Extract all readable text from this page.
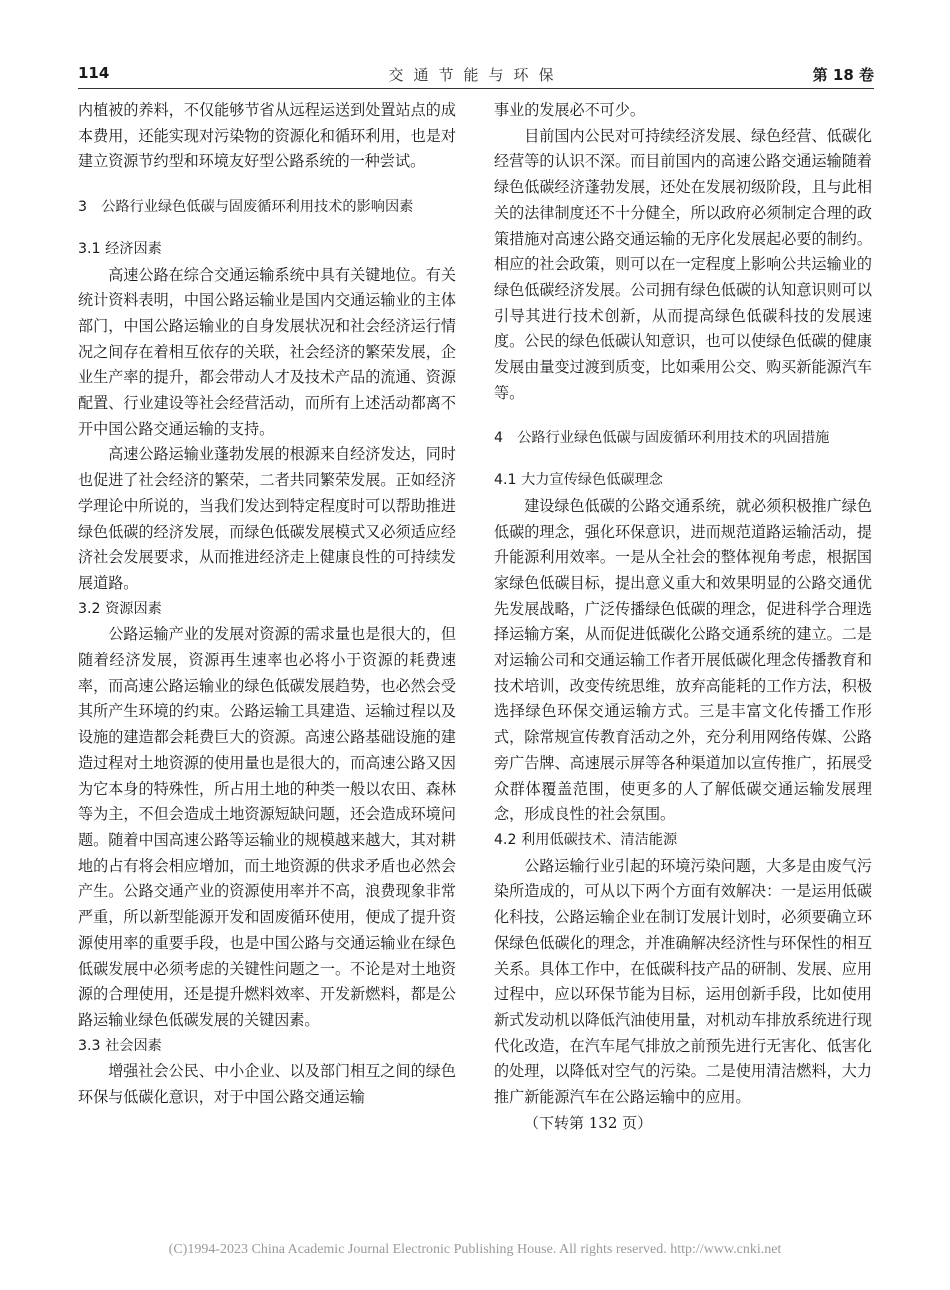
114	交通节能与环保	第 18 卷

内植被的养料，不仅能够节省从远程运送到处置站点的成本费用，还能实现对污染物的资源化和循环利用，也是对建立资源节约型和环境友好型公路系统的一种尝试。

3　公路行业绿色低碳与固废循环利用技术的影响因素
3.1 经济因素

高速公路在综合交通运输系统中具有关键地位。有关统计资料表明，中国公路运输业是国内交通运输业的主体部门，中国公路运输业的自身发展状况和社会经济运行情况之间存在着相互依存的关联，社会经济的繁荣发展，企业生产率的提升，都会带动人才及技术产品的流通、资源配置、行业建设等社会经营活动，而所有上述活动都离不开中国公路交通运输的支持。

高速公路运输业蓬勃发展的根源来自经济发达，同时也促进了社会经济的繁荣，二者共同繁荣发展。正如经济学理论中所说的，当我们发达到特定程度时可以帮助推进绿色低碳的经济发展，而绿色低碳发展模式又必须适应经济社会发展要求，从而推进经济走上健康良性的可持续发展道路。

3.2 资源因素

公路运输产业的发展对资源的需求量也是很大的，但随着经济发展，资源再生速率也必将小于资源的耗费速率，而高速公路运输业的绿色低碳发展趋势，也必然会受其所产生环境的约束。公路运输工具建造、运输过程以及设施的建造都会耗费巨大的资源。高速公路基础设施的建造过程对土地资源的使用量也是很大的，而高速公路又因为它本身的特殊性，所占用土地的种类一般以农田、森林等为主，不但会造成土地资源短缺问题，还会造成环境问题。随着中国高速公路等运输业的规模越来越大，其对耕地的占有将会相应增加，而土地资源的供求矛盾也必然会产生。公路交通产业的资源使用率并不高，浪费现象非常严重，所以新型能源开发和固废循环使用，便成了提升资源使用率的重要手段，也是中国公路与交通运输业在绿色低碳发展中必须考虑的关键性问题之一。不论是对土地资源的合理使用，还是提升燃料效率、开发新燃料，都是公路运输业绿色低碳发展的关键因素。

3.3 社会因素

增强社会公民、中小企业、以及部门相互之间的绿色环保与低碳化意识，对于中国公路交通运输

事业的发展必不可少。

目前国内公民对可持续经济发展、绿色经营、低碳化经营等的认识不深。而目前国内的高速公路交通运输随着绿色低碳经济蓬勃发展，还处在发展初级阶段，且与此相关的法律制度还不十分健全，所以政府必须制定合理的政策措施对高速公路交通运输的无序化发展起必要的制约。相应的社会政策，则可以在一定程度上影响公共运输业的绿色低碳经济发展。公司拥有绿色低碳的认知意识则可以引导其进行技术创新，从而提高绿色低碳科技的发展速度。公民的绿色低碳认知意识，也可以使绿色低碳的健康发展由量变过渡到质变，比如乘用公交、购买新能源汽车等。

4　公路行业绿色低碳与固废循环利用技术的巩固措施
4.1 大力宣传绿色低碳理念

建设绿色低碳的公路交通系统，就必须积极推广绿色低碳的理念，强化环保意识，进而规范道路运输活动，提升能源利用效率。一是从全社会的整体视角考虑，根据国家绿色低碳目标，提出意义重大和效果明显的公路交通优先发展战略，广泛传播绿色低碳的理念，促进科学合理选择运输方案，从而促进低碳化公路交通系统的建立。二是对运输公司和交通运输工作者开展低碳化理念传播教育和技术培训，改变传统思维，放弃高能耗的工作方法，积极选择绿色环保交通运输方式。三是丰富文化传播工作形式，除常规宣传教育活动之外，充分利用网络传媒、公路旁广告牌、高速展示屏等各种渠道加以宣传推广，拓展受众群体覆盖范围，使更多的人了解低碳交通运输发展理念，形成良性的社会氛围。

4.2 利用低碳技术、清洁能源

公路运输行业引起的环境污染问题，大多是由废气污染所造成的，可从以下两个方面有效解决：一是运用低碳化科技，公路运输企业在制订发展计划时，必须要确立环保绿色低碳化的理念，并准确解决经济性与环保性的相互关系。具体工作中，在低碳科技产品的研制、发展、应用过程中，应以环保节能为目标，运用创新手段，比如使用新式发动机以降低汽油使用量，对机动车排放系统进行现代化改造，在汽车尾气排放之前预先进行无害化、低害化的处理，以降低对空气的污染。二是使用清洁燃料，大力推广新能源汽车在公路运输中的应用。

（下转第 132 页）
(C)1994-2023 China Academic Journal Electronic Publishing House. All rights reserved. http://www.cnki.net
